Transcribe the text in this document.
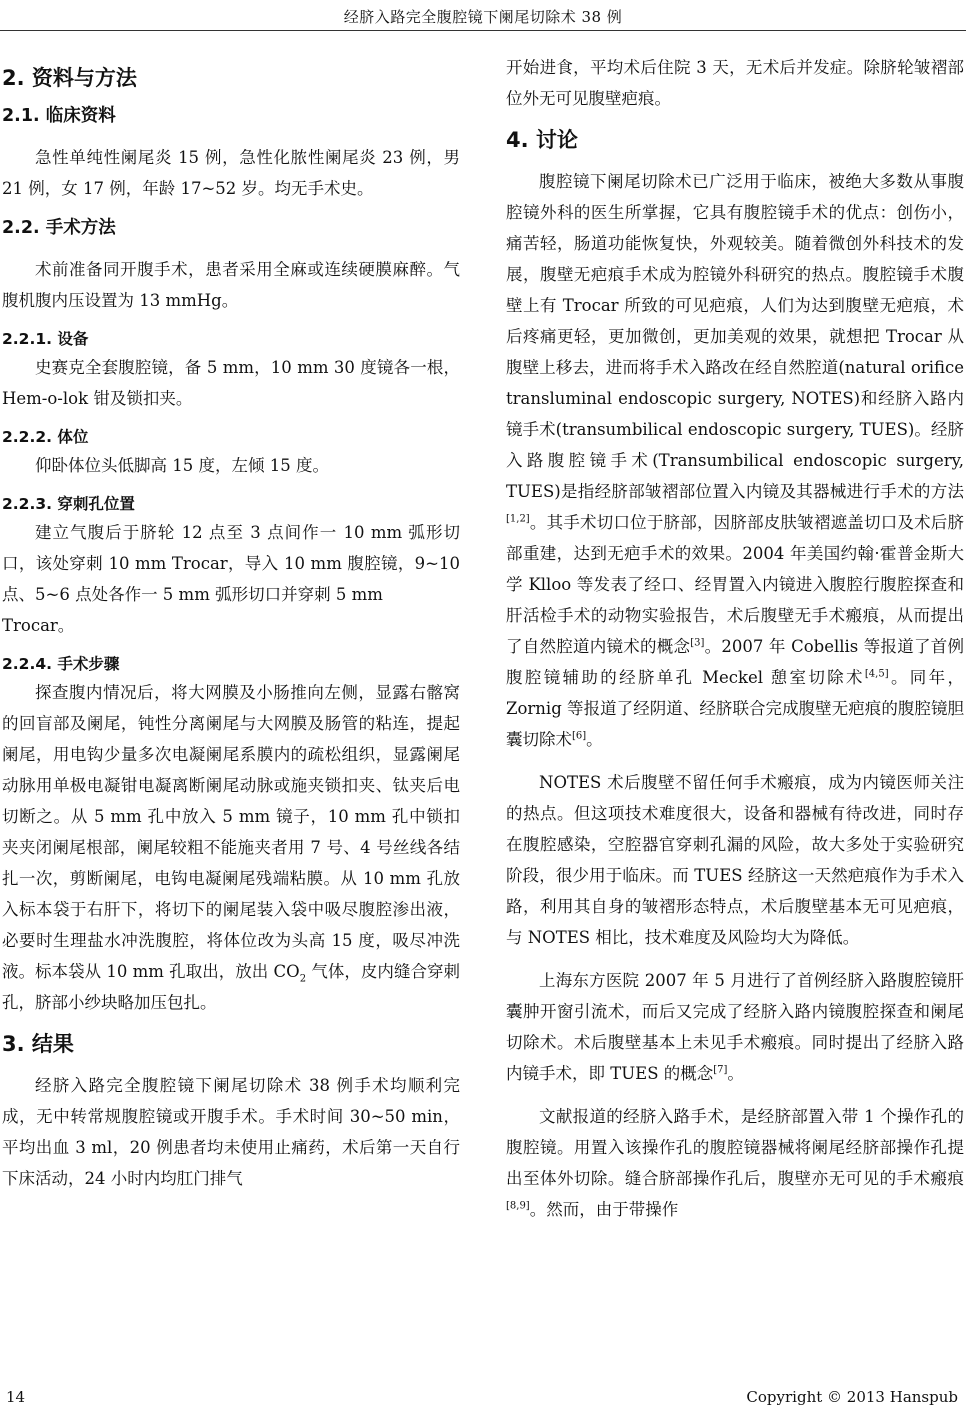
经脐入路完全腹腔镜下阑尾切除术 38 例
2. 资料与方法
2.1. 临床资料

急性单纯性阑尾炎 15 例，急性化脓性阑尾炎 23 例，男 21 例，女 17 例，年龄 17~52 岁。均无手术史。

2.2. 手术方法

术前准备同开腹手术，患者采用全麻或连续硬膜麻醉。气腹机腹内压设置为 13 mmHg。

2.2.1. 设备

史赛克全套腹腔镜，备 5 mm，10 mm 30 度镜各一根，Hem-o-lok 钳及锁扣夹。

2.2.2. 体位

仰卧体位头低脚高 15 度，左倾 15 度。

2.2.3. 穿刺孔位置

建立气腹后于脐轮 12 点至 3 点间作一 10 mm 弧形切口，该处穿刺 10 mm Trocar，导入 10 mm 腹腔镜，9~10 点、5~6 点处各作一 5 mm 弧形切口并穿刺 5 mm

Trocar。

2.2.4. 手术步骤

探查腹内情况后，将大网膜及小肠推向左侧，显露右髂窝的回盲部及阑尾，钝性分离阑尾与大网膜及肠管的粘连，提起阑尾，用电钩少量多次电凝阑尾系膜内的疏松组织，显露阑尾动脉用单极电凝钳电凝离断阑尾动脉或施夹锁扣夹、钛夹后电切断之。从 5 mm 孔中放入 5 mm 镜子，10 mm 孔中锁扣夹夹闭阑尾根部，阑尾较粗不能施夹者用 7 号、4 号丝线各结扎一次，剪断阑尾，电钩电凝阑尾残端粘膜。从 10 mm 孔放入标本袋于右肝下，将切下的阑尾装入袋中吸尽腹腔渗出液，必要时生理盐水冲洗腹腔，将体位改为头高 15 度，吸尽冲洗液。标本袋从 10 mm 孔取出，放出 $CO_2$ 气体，皮内缝合穿刺孔，脐部小纱块略加压包扎。

3. 结果

经脐入路完全腹腔镜下阑尾切除术 38 例手术均顺利完成，无中转常规腹腔镜或开腹手术。手术时间 30~50 min，平均出血 3 ml，20 例患者均未使用止痛药，术后第一天自行下床活动，24 小时内均肛门排气

开始进食，平均术后住院 3 天，无术后并发症。除脐轮皱褶部位外无可见腹壁疤痕。

4. 讨论

腹腔镜下阑尾切除术已广泛用于临床，被绝大多数从事腹腔镜外科的医生所掌握，它具有腹腔镜手术的优点：创伤小，痛苦轻，肠道功能恢复快，外观较美。随着微创外科技术的发展，腹壁无疤痕手术成为腔镜外科研究的热点。腹腔镜手术腹壁上有 Trocar 所致的可见疤痕，人们为达到腹壁无疤痕，术后疼痛更轻，更加微创，更加美观的效果，就想把 Trocar 从腹壁上移去，进而将手术入路改在经自然腔道(natural orifice transluminal endoscopic surgery, NOTES)和经脐入路内镜手术(transumbilical endoscopic surgery, TUES)。经脐入路腹腔镜手术(Transumbilical endoscopic surgery, TUES)是指经脐部皱褶部位置入内镜及其器械进行手术的方法[1,2]。其手术切口位于脐部，因脐部皮肤皱褶遮盖切口及术后脐部重建，达到无疤手术的效果。2004 年美国约翰·霍普金斯大学 Klloo 等发表了经口、经胃置入内镜进入腹腔行腹腔探查和肝活检手术的动物实验报告，术后腹壁无手术瘢痕，从而提出了自然腔道内镜术的概念[3]。2007 年 Cobellis 等报道了首例腹腔镜辅助的经脐单孔 Meckel 憩室切除术[4,5]。同年，Zornig 等报道了经阴道、经脐联合完成腹壁无疤痕的腹腔镜胆囊切除术[6]。

NOTES 术后腹壁不留任何手术瘢痕，成为内镜医师关注的热点。但这项技术难度很大，设备和器械有待改进，同时存在腹腔感染，空腔器官穿刺孔漏的风险，故大多处于实验研究阶段，很少用于临床。而 TUES 经脐这一天然疤痕作为手术入路，利用其自身的皱褶形态特点，术后腹壁基本无可见疤痕，与 NOTES 相比，技术难度及风险均大为降低。

上海东方医院 2007 年 5 月进行了首例经脐入路腹腔镜肝囊肿开窗引流术，而后又完成了经脐入路内镜腹腔探查和阑尾切除术。术后腹壁基本上未见手术瘢痕。同时提出了经脐入路内镜手术，即 TUES 的概念[7]。

文献报道的经脐入路手术，是经脐部置入带 1 个操作孔的腹腔镜。用置入该操作孔的腹腔镜器械将阑尾经脐部操作孔提出至体外切除。缝合脐部操作孔后，腹壁亦无可见的手术瘢痕[8,9]。然而，由于带操作

14	Copyright © 2013 Hanspub
